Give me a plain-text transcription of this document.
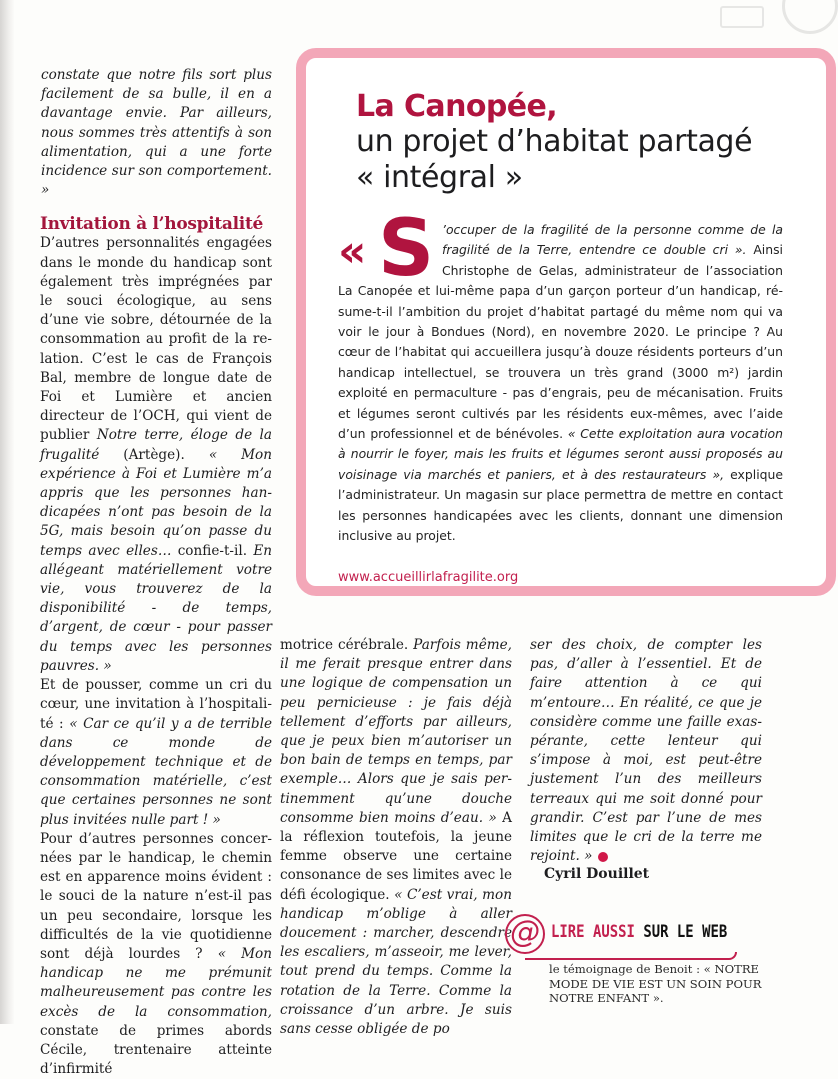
constate que notre fils sort plus facilement de sa bulle, il en a davantage envie. Par ailleurs, nous sommes très attentifs à son alimentation, qui a une forte incidence sur son comportement. »

Invitation à l’hospitalité

D’autres personnalités engagées dans le monde du handicap sont également très imprégnées par le souci écologique, au sens d’une vie sobre, détournée de la consommation au profit de la relation. C’est le cas de François Bal, membre de longue date de Foi et Lumière et ancien directeur de l’OCH, qui vient de publier Notre terre, éloge de la frugalité (Artège). « Mon expérience à Foi et Lumière m’a appris que les personnes handicapées n’ont pas besoin de la 5G, mais besoin qu’on passe du temps avec elles… confie-t-il. En allégeant matériellement votre vie, vous trouverez de la disponibilité - de temps, d’argent, de cœur - pour passer du temps avec les personnes pauvres. »

Et de pousser, comme un cri du cœur, une invitation à l’hospitalité : « Car ce qu’il y a de terrible dans ce monde de développement technique et de consommation matérielle, c’est que certaines personnes ne sont plus invitées nulle part ! »

Pour d’autres personnes concernées par le handicap, le chemin est en apparence moins évident : le souci de la nature n’est-il pas un peu secondaire, lorsque les difficultés de la vie quotidienne sont déjà lourdes ? « Mon handicap ne me prémunit malheureusement pas contre les excès de la consommation, constate de primes abords Cécile, trentenaire atteinte d’infirmité

La Canopée,
un projet d’habitat partagé
« intégral »
« S ’occuper de la fragilité de la personne comme de la fragilité de la Terre, entendre ce double cri ». Ainsi Christophe de Gelas, administrateur de l’association La Canopée et lui-même papa d’un garçon porteur d’un handicap, résume-t-il l’ambition du projet d’habitat partagé du même nom qui va voir le jour à Bondues (Nord), en novembre 2020. Le principe ? Au cœur de l’habitat qui accueillera jusqu’à douze résidents porteurs d’un handicap intellectuel, se trouvera un très grand (3000 m²) jardin exploité en permaculture - pas d’engrais, peu de mécanisation. Fruits et légumes seront cultivés par les résidents eux-mêmes, avec l’aide d’un professionnel et de bénévoles. « Cette exploitation aura vocation à nourrir le foyer, mais les fruits et légumes seront aussi proposés au voisinage via marchés et paniers, et à des restaurateurs », explique l’administrateur. Un magasin sur place permettra de mettre en contact les personnes handicapées avec les clients, donnant une dimension inclusive au projet.
www.accueillirlafragilite.org

motrice cérébrale. Parfois même, il me ferait presque entrer dans une logique de compensation un peu pernicieuse : je fais déjà tellement d’efforts par ailleurs, que je peux bien m’autoriser un bon bain de temps en temps, par exemple… Alors que je sais pertinemment qu’une douche consomme bien moins d’eau. » A la réflexion toutefois, la jeune femme observe une certaine consonance de ses limites avec le défi écologique. « C’est vrai, mon handicap m’oblige à aller doucement : marcher, descendre les escaliers, m’asseoir, me lever, tout prend du temps. Comme la rotation de la Terre. Comme la croissance d’un arbre. Je suis sans cesse obligée de po

ser des choix, de compter les pas, d’aller à l’essentiel. Et de faire attention à ce qui m’entoure… En réalité, ce que je considère comme une faille exaspérante, cette lenteur qui s’impose à moi, est peut-être justement l’un des meilleurs terreaux qui me soit donné pour grandir. C’est par l’une de mes limites que le cri de la terre me rejoint. »

Cyril Douillet
@ LIRE AUSSI SUR LE WEB
le témoignage de Benoit : « NOTRE MODE DE VIE EST UN SOIN POUR NOTRE ENFANT ».
